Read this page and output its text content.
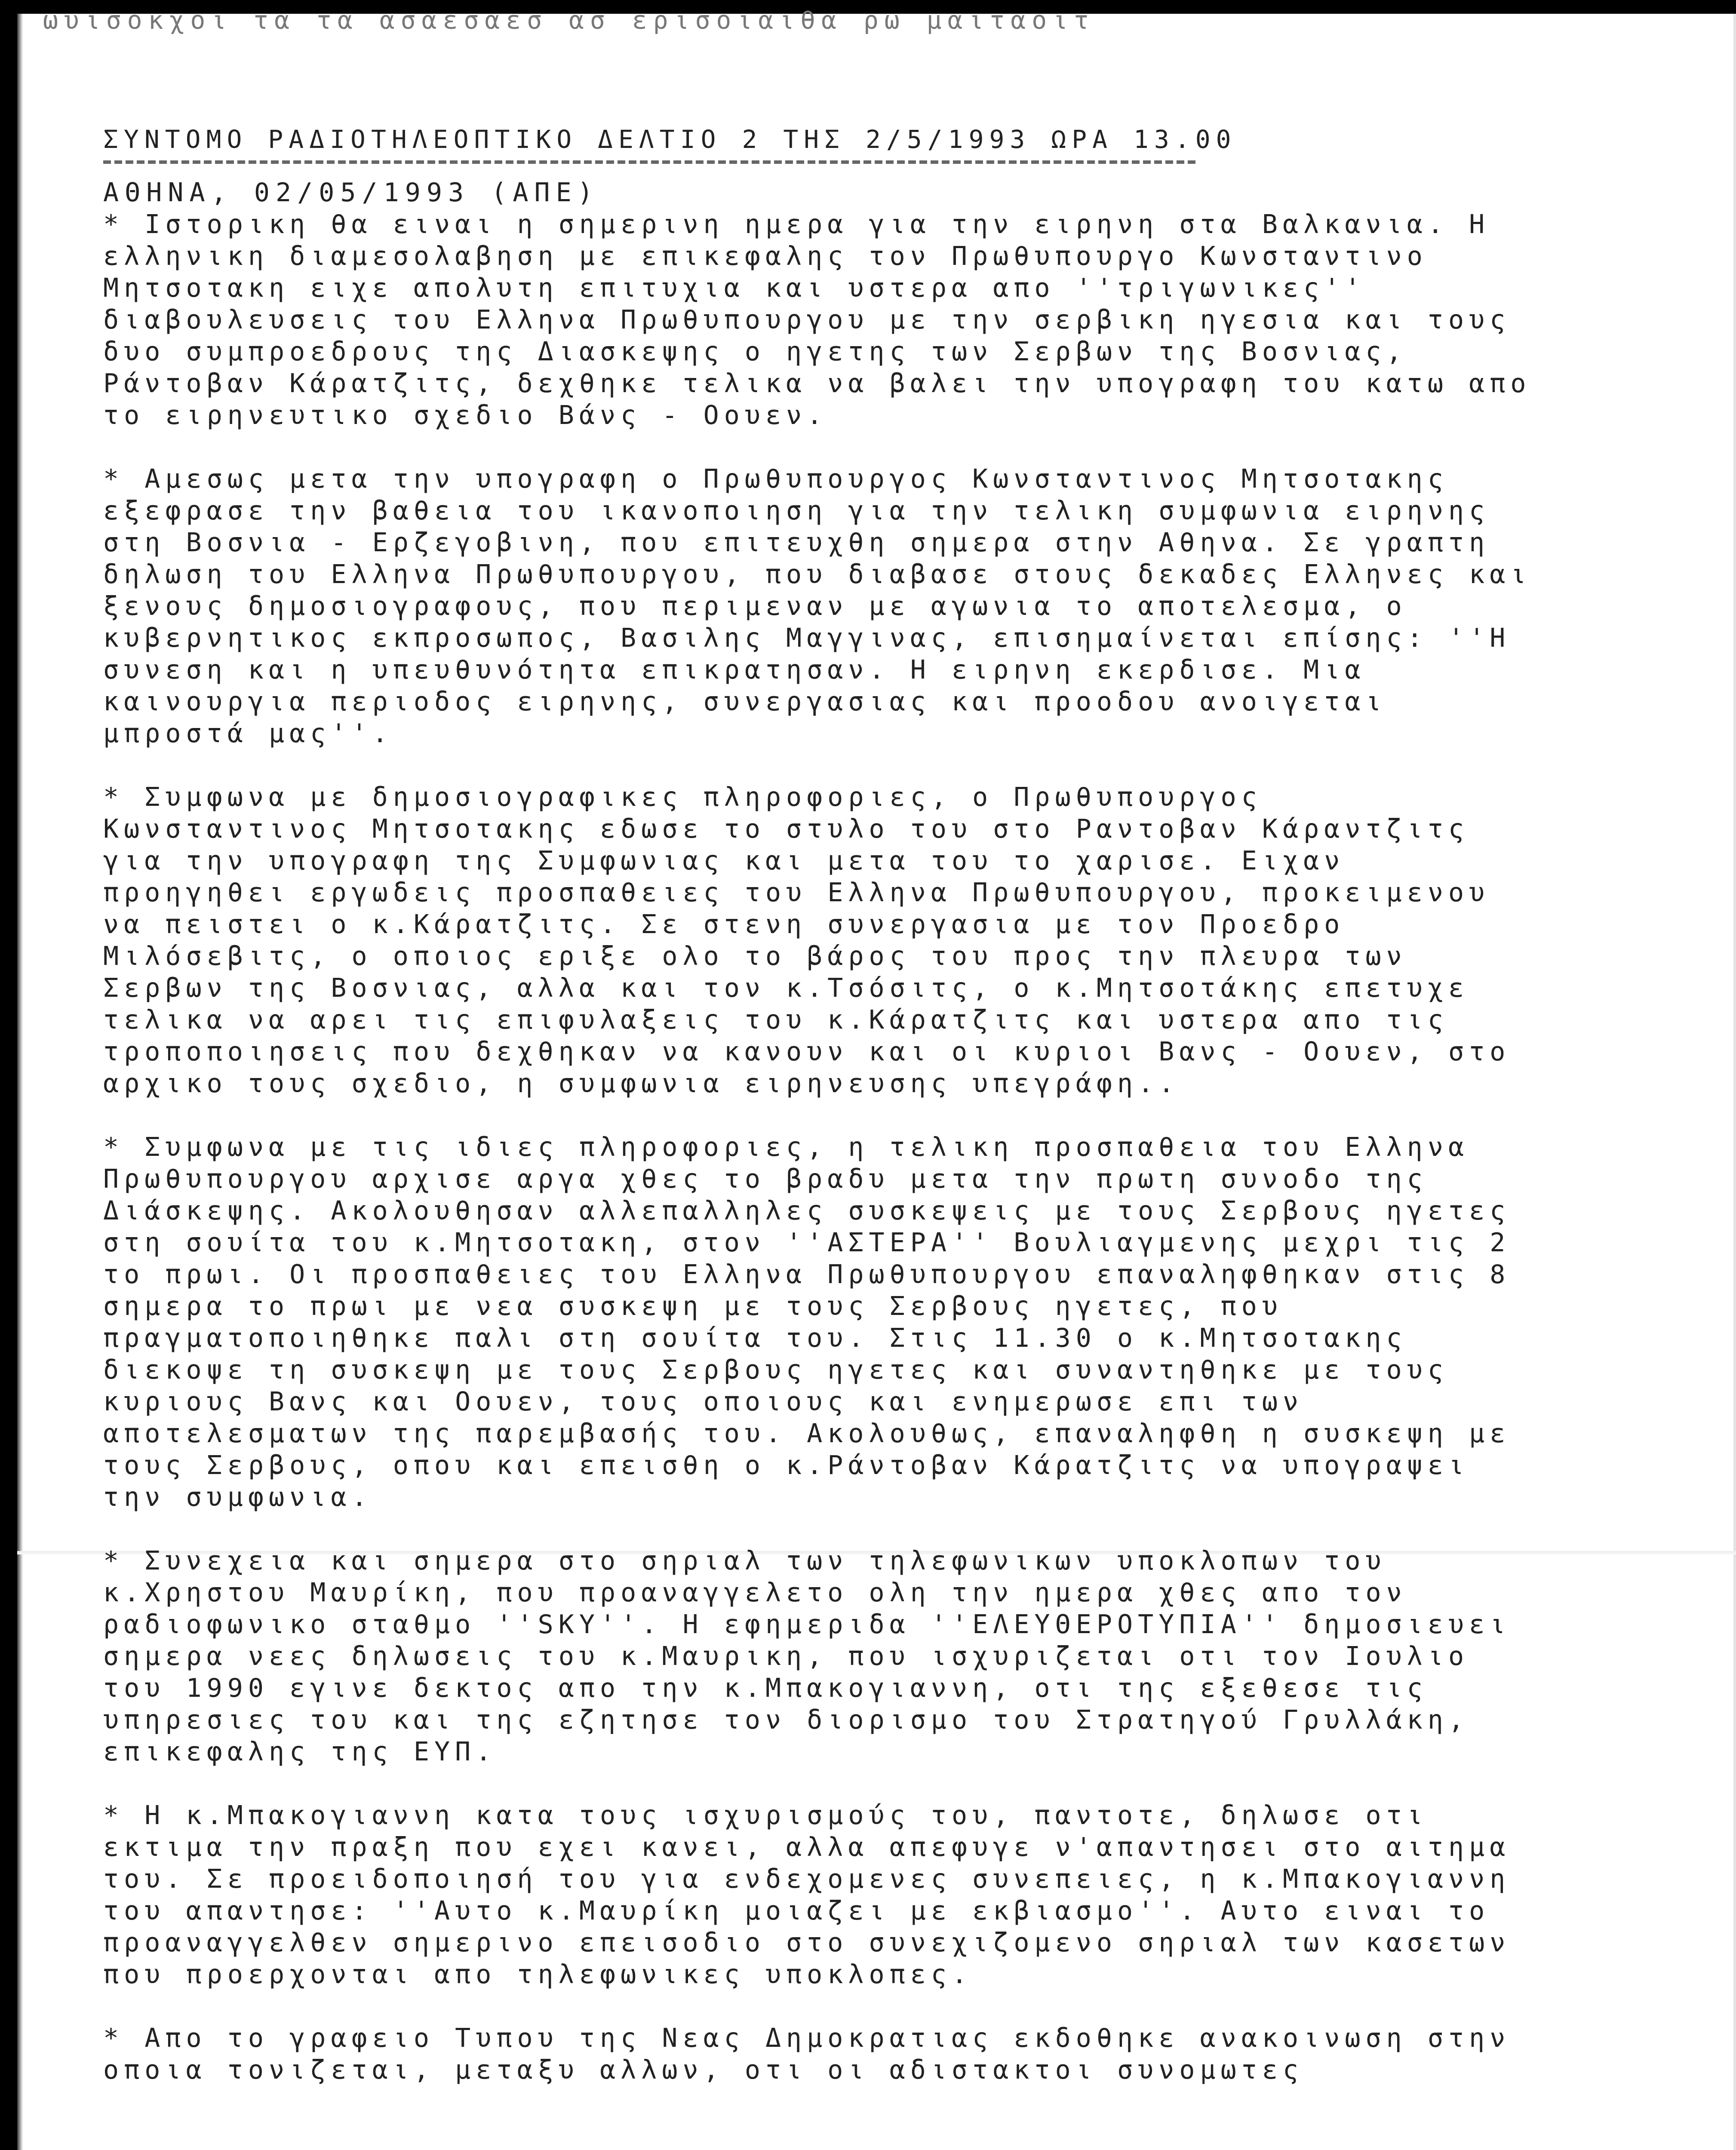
ωυισοκχοι τα τα ασαεσαεσ ασ ερισοιαιθα ρω μαιταοιτ

ΣΥΝΤΟΜΟ ΡΑΔΙΟΤΗΛΕΟΠΤΙΚΟ ΔΕΛΤΙΟ 2 ΤΗΣ 2/5/1993 ΩΡΑ 13.00

ΑΘΗΝΑ, 02/05/1993 (ΑΠΕ)

* Ιστορικη θα ειναι η σημερινη ημερα για την ειρηνη στα Βαλκανια. Η
ελληνικη διαμεσολαβηση με επικεφαλης τον Πρωθυπουργο Κωνσταντινο
Μητσοτακη ειχε απολυτη επιτυχια και υστερα απο ''τριγωνικες''
διαβουλευσεις του Ελληνα Πρωθυπουργου με την σερβικη ηγεσια και τους
δυο συμπροεδρους της Διασκεψης ο ηγετης των Σερβων της Βοσνιας,
Ράντοβαν Κάρατζιτς, δεχθηκε τελικα να βαλει την υπογραφη του κατω απο
το ειρηνευτικο σχεδιο Βάνς - Οουεν.
* Αμεσως μετα την υπογραφη ο Πρωθυπουργος Κωνσταντινος Μητσοτακης
εξεφρασε την βαθεια του ικανοποιηση για την τελικη συμφωνια ειρηνης
στη Βοσνια - Ερζεγοβινη, που επιτευχθη σημερα στην Αθηνα. Σε γραπτη
δηλωση του Ελληνα Πρωθυπουργου, που διαβασε στους δεκαδες Ελληνες και
ξενους δημοσιογραφους, που περιμεναν με αγωνια το αποτελεσμα, ο
κυβερνητικος εκπροσωπος, Βασιλης Μαγγινας, επισημαίνεται επίσης: ''Η
συνεση και η υπευθυνότητα επικρατησαν. Η ειρηνη εκερδισε. Μια
καινουργια περιοδος ειρηνης, συνεργασιας και προοδου ανοιγεται
μπροστά μας''.
* Συμφωνα με δημοσιογραφικες πληροφοριες, ο Πρωθυπουργος
Κωνσταντινος Μητσοτακης εδωσε το στυλο του στο Ραντοβαν Κάραντζιτς
για την υπογραφη της Συμφωνιας και μετα του το χαρισε. Ειχαν
προηγηθει εργωδεις προσπαθειες του Ελληνα Πρωθυπουργου, προκειμενου
να πειστει ο κ.Κάρατζιτς. Σε στενη συνεργασια με τον Προεδρο
Μιλόσεβιτς, ο οποιος εριξε ολο το βάρος του προς την πλευρα των
Σερβων της Βοσνιας, αλλα και τον κ.Τσόσιτς, ο κ.Μητσοτάκης επετυχε
τελικα να αρει τις επιφυλαξεις του κ.Κάρατζιτς και υστερα απο τις
τροποποιησεις που δεχθηκαν να κανουν και οι κυριοι Βανς - Οουεν, στο
αρχικο τους σχεδιο, η συμφωνια ειρηνευσης υπεγράφη..
* Συμφωνα με τις ιδιες πληροφοριες, η τελικη προσπαθεια του Ελληνα
Πρωθυπουργου αρχισε αργα χθες το βραδυ μετα την πρωτη συνοδο της
Διάσκεψης. Ακολουθησαν αλλεπαλληλες συσκεψεις με τους Σερβους ηγετες
στη σουίτα του κ.Μητσοτακη, στον ''ΑΣΤΕΡΑ'' Βουλιαγμενης μεχρι τις 2
το πρωι. Οι προσπαθειες του Ελληνα Πρωθυπουργου επαναληφθηκαν στις 8
σημερα το πρωι με νεα συσκεψη με τους Σερβους ηγετες, που
πραγματοποιηθηκε παλι στη σουίτα του. Στις 11.30 ο κ.Μητσοτακης
διεκοψε τη συσκεψη με τους Σερβους ηγετες και συναντηθηκε με τους
κυριους Βανς και Οουεν, τους οποιους και ενημερωσε επι των
αποτελεσματων της παρεμβασής του. Ακολουθως, επαναληφθη η συσκεψη με
τους Σερβους, οπου και επεισθη ο κ.Ράντοβαν Κάρατζιτς να υπογραψει
την συμφωνια.
* Συνεχεια και σημερα στο σηριαλ των τηλεφωνικων υποκλοπων του
κ.Χρηστου Μαυρίκη, που προαναγγελετο ολη την ημερα χθες απο τον
ραδιοφωνικο σταθμο ''SKY''. Η εφημεριδα ''ΕΛΕΥΘΕΡΟΤΥΠΙΑ'' δημοσιευει
σημερα νεες δηλωσεις του κ.Μαυρικη, που ισχυριζεται οτι τον Ιουλιο
του 1990 εγινε δεκτος απο την κ.Μπακογιαννη, οτι της εξεθεσε τις
υπηρεσιες του και της εζητησε τον διορισμο του Στρατηγού Γρυλλάκη,
επικεφαλης της ΕΥΠ.
* Η κ.Μπακογιαννη κατα τους ισχυρισμούς του, παντοτε, δηλωσε οτι
εκτιμα την πραξη που εχει κανει, αλλα απεφυγε ν'απαντησει στο αιτημα
του. Σε προειδοποιησή του για ενδεχομενες συνεπειες, η κ.Μπακογιαννη
του απαντησε: ''Αυτο κ.Μαυρίκη μοιαζει με εκβιασμο''. Αυτο ειναι το
προαναγγελθεν σημερινο επεισοδιο στο συνεχιζομενο σηριαλ των κασετων
που προερχονται απο τηλεφωνικες υποκλοπες.
* Απο το γραφειο Τυπου της Νεας Δημοκρατιας εκδοθηκε ανακοινωση στην
οποια τονιζεται, μεταξυ αλλων, οτι οι αδιστακτοι συνομωτες
